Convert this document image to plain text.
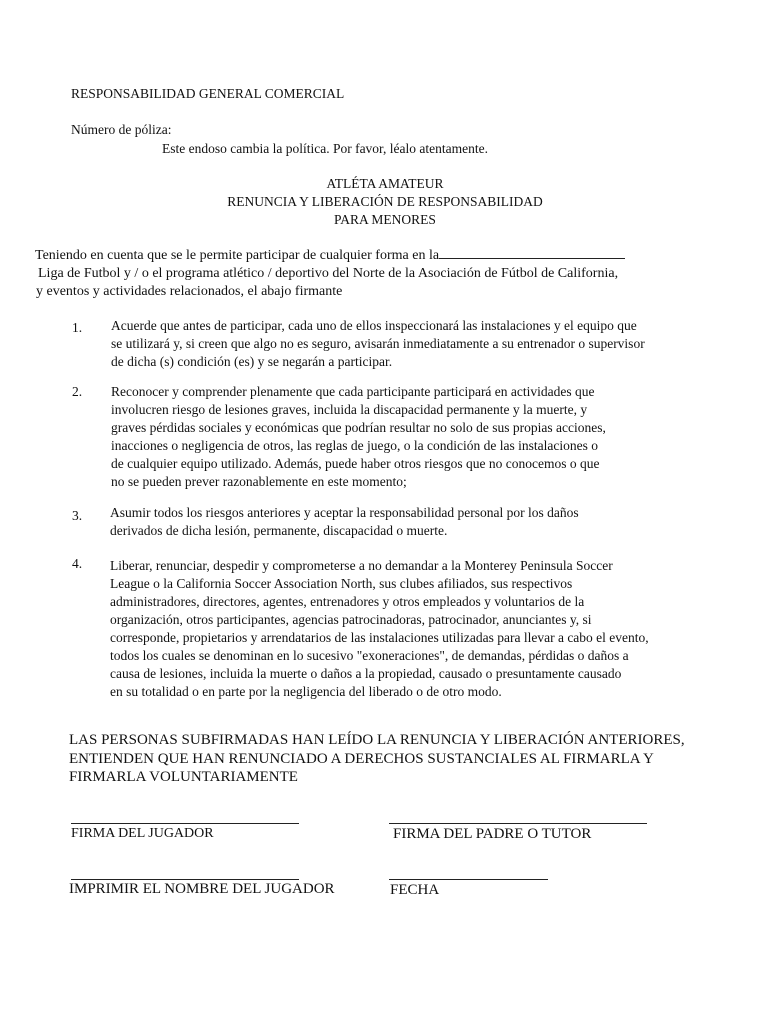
RESPONSABILIDAD GENERAL COMERCIAL
Número de póliza:
Este endoso cambia la política. Por favor, léalo atentamente.
ATLÉTA AMATEUR
RENUNCIA Y LIBERACIÓN DE RESPONSABILIDAD
PARA MENORES
Teniendo en cuenta que se le permite participar de cualquier forma en la
Liga de Futbol y / o el programa atlético / deportivo del Norte de la Asociación de Fútbol de California,
y eventos y actividades relacionados, el abajo firmante
1. Acuerde que antes de participar, cada uno de ellos inspeccionará las instalaciones y el equipo que
se utilizará y, si creen que algo no es seguro, avisarán inmediatamente a su entrenador o supervisor
de dicha (s) condición (es) y se negarán a participar.
2. Reconocer y comprender plenamente que cada participante participará en actividades que
involucren riesgo de lesiones graves, incluida la discapacidad permanente y la muerte, y
graves pérdidas sociales y económicas que podrían resultar no solo de sus propias acciones,
inacciones o negligencia de otros, las reglas de juego, o la condición de las instalaciones o
de cualquier equipo utilizado. Además, puede haber otros riesgos que no conocemos o que
no se pueden prever razonablemente en este momento;
3. Asumir todos los riesgos anteriores y aceptar la responsabilidad personal por los daños
derivados de dicha lesión, permanente, discapacidad o muerte.
4. Liberar, renunciar, despedir y comprometerse a no demandar a la Monterey Peninsula Soccer
League o la California Soccer Association North, sus clubes afiliados, sus respectivos
administradores, directores, agentes, entrenadores y otros empleados y voluntarios de la
organización, otros participantes, agencias patrocinadoras, patrocinador, anunciantes y, si
corresponde, propietarios y arrendatarios de las instalaciones utilizadas para llevar a cabo el evento,
todos los cuales se denominan en lo sucesivo "exoneraciones", de demandas, pérdidas o daños a
causa de lesiones, incluida la muerte o daños a la propiedad, causado o presuntamente causado
en su totalidad o en parte por la negligencia del liberado o de otro modo.
LAS PERSONAS SUBFIRMADAS HAN LEÍDO LA RENUNCIA Y LIBERACIÓN ANTERIORES,
ENTIENDEN QUE HAN RENUNCIADO A DERECHOS SUSTANCIALES AL FIRMARLA Y
FIRMARLA VOLUNTARIAMENTE
FIRMA DEL JUGADOR	FIRMA DEL PADRE O TUTOR
IMPRIMIR EL NOMBRE DEL JUGADOR	FECHA
